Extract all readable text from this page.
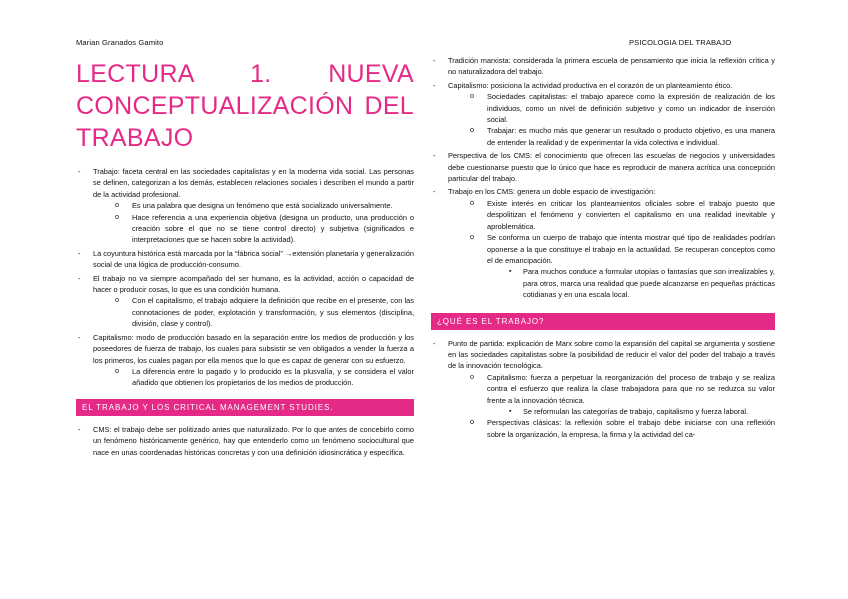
Marian Granados Gamito	PSICOLOGIA DEL TRABAJO
LECTURA 1. NUEVA CONCEPTUALIZACIÓN DEL TRABAJO
- Trabajo: faceta central en las sociedades capitalistas y en la moderna vida social. Las personas se definen, categorizan a los demás, establecen relaciones sociales i describen el mundo a partir de la actividad profesional.
o Es una palabra que designa un fenómeno que está socializado universalmente.
o Hace referencia a una experiencia objetiva (designa un producto, una producción o creación sobre el que no se tiene control directo) y subjetiva (significados e interpretaciones que se hacen sobre la actividad).
- La coyuntura histórica está marcada por la “fábrica social” →extensión planetaria y generalización social de una lógica de producción-consumo.
- El trabajo no va siempre acompañado del ser humano, es la actividad, acción o capacidad de hacer o producir cosas, lo que es una condición humana.
o Con el capitalismo, el trabajo adquiere la definición que recibe en el presente, con las connotaciones de poder, explotación y transformación, y sus elementos (disciplina, división, clase y control).
- Capitalismo: modo de producción basado en la separación entre los medios de producción y los poseedores de fuerza de trabajo, los cuales para subsistir se ven obligados a vender la fuerza a los primeros, los cuales pagan por ella menos que lo que es capaz de generar con su esfuerzo.
o La diferencia entre lo pagado y lo producido es la plusvalía, y se considera el valor añadido que obtienen los propietarios de los medios de producción.
EL TRABAJO Y LOS CRITICAL MANAGEMENT STUDIES.
- CMS: el trabajo debe ser politizado antes que naturalizado. Por lo que antes de concebirlo como un fenómeno históricamente genérico, hay que entenderlo como un fenómeno sociocultural que nace en unas coordenadas históricas concretas y con una definición idiosincrática y específica.
- Tradición marxista: considerada la primera escuela de pensamiento que inicia la reflexión crítica y no naturalizadora del trabajo.
- Capitalismo: posiciona la actividad productiva en el corazón de un planteamiento ético.
o Sociedades capitalistas: el trabajo aparece como la expresión de realización de los individuos, como un nivel de definición subjetivo y como un indicador de inserción social.
o Trabajar: es mucho más que generar un resultado o producto objetivo, es una manera de entender la realidad y de experimentar la vida colectiva e individual.
- Perspectiva de los CMS: el conocimiento que ofrecen las escuelas de negocios y universidades debe cuestionarse puesto que lo único que hace es reproducir de manera acrítica una concepción particular del trabajo.
- Trabajo en los CMS: genera un doble espacio de investigación:
o Existe interés en criticar los planteamientos oficiales sobre el trabajo puesto que despolitizan el fenómeno y convierten el capitalismo en una realidad inevitable y aproblemática.
o Se conforma un cuerpo de trabajo que intenta mostrar qué tipo de realidades podrían oponerse a la que constituye el trabajo en la actualidad. Se recuperan conceptos como el de emancipación.
▪ Para muchos conduce a formular utopías o fantasías que son irrealizables y, para otros, marca una realidad que puede alcanzarse en pequeñas prácticas cotidianas y en una escala local.
¿QUÉ ES EL TRABAJO?
- Punto de partida: explicación de Marx sobre como la expansión del capital se argumenta y sostiene en las sociedades capitalistas sobre la posibilidad de reducir el valor del poder del trabajo a través de la innovación tecnológica.
o Capitalismo: fuerza a perpetuar la reorganización del proceso de trabajo y se realiza contra el esfuerzo que realiza la clase trabajadora para que no se reduzca su valor frente a la innovación técnica.
▪ Se reformulan las categorías de trabajo, capitalismo y fuerza laboral.
o Perspectivas clásicas: la reflexión sobre el trabajo debe iniciarse con una reflexión sobre la organización, la empresa, la firma y la actividad del ca-
